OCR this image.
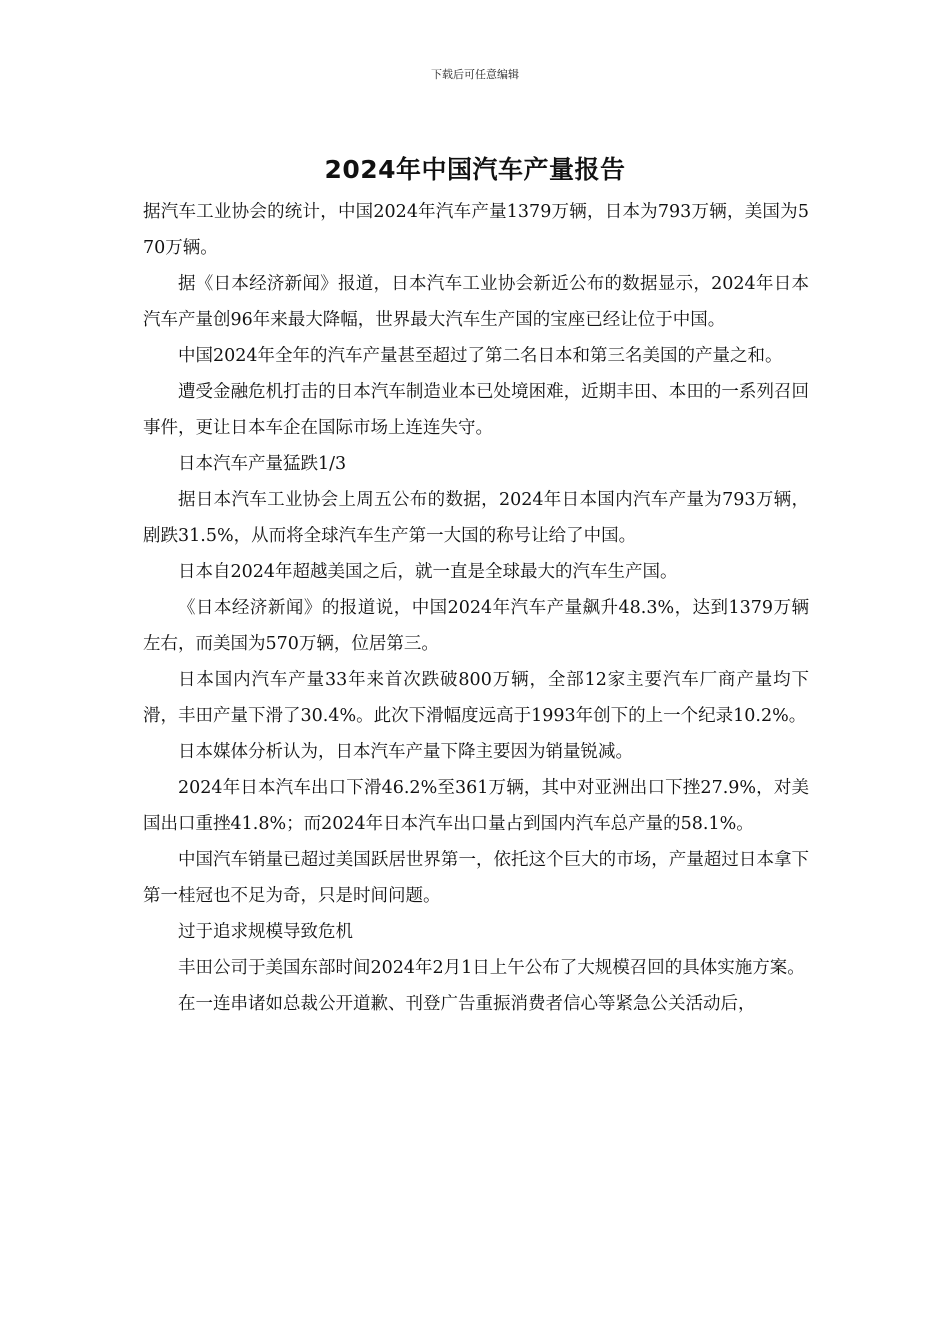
下载后可任意编辑
2024年中国汽车产量报告

据汽车工业协会的统计，中国2024年汽车产量1379万辆，日本为793万辆，美国为570万辆。

据《日本经济新闻》报道，日本汽车工业协会新近公布的数据显示，2024年日本汽车产量创96年来最大降幅，世界最大汽车生产国的宝座已经让位于中国。

中国2024年全年的汽车产量甚至超过了第二名日本和第三名美国的产量之和。

遭受金融危机打击的日本汽车制造业本已处境困难，近期丰田、本田的一系列召回事件，更让日本车企在国际市场上连连失守。

日本汽车产量猛跌1/3

据日本汽车工业协会上周五公布的数据，2024年日本国内汽车产量为793万辆，剧跌31.5%，从而将全球汽车生产第一大国的称号让给了中国。

日本自2024年超越美国之后，就一直是全球最大的汽车生产国。

《日本经济新闻》的报道说，中国2024年汽车产量飙升48.3%，达到1379万辆左右，而美国为570万辆，位居第三。

日本国内汽车产量33年来首次跌破800万辆，全部12家主要汽车厂商产量均下滑，丰田产量下滑了30.4%。此次下滑幅度远高于1993年创下的上一个纪录10.2%。

日本媒体分析认为，日本汽车产量下降主要因为销量锐减。

2024年日本汽车出口下滑46.2%至361万辆，其中对亚洲出口下挫27.9%，对美国出口重挫41.8%；而2024年日本汽车出口量占到国内汽车总产量的58.1%。

中国汽车销量已超过美国跃居世界第一，依托这个巨大的市场，产量超过日本拿下第一桂冠也不足为奇，只是时间问题。

过于追求规模导致危机

丰田公司于美国东部时间2024年2月1日上午公布了大规模召回的具体实施方案。

在一连串诸如总裁公开道歉、刊登广告重振消费者信心等紧急公关活动后，
